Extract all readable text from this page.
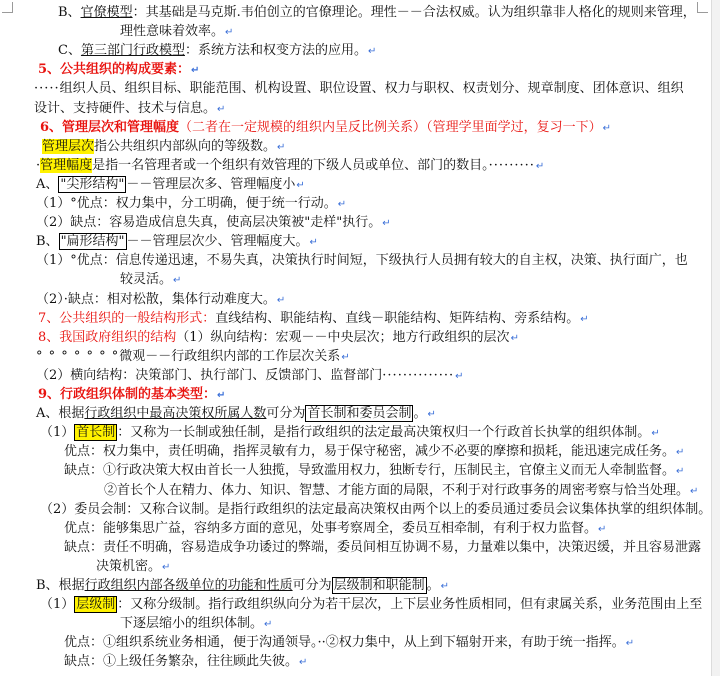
B、官僚模型：其基础是马克斯.韦伯创立的官僚理论。理性－－合法权威。认为组织靠非人格化的规则来管理，
理性意味着效率。↵
C、第三部门行政模型：系统方法和权变方法的应用。↵
5、公共组织的构成要素：↵
·····组织人员、组织目标、职能范围、机构设置、职位设置、权力与职权、权责划分、规章制度、团体意识、组织
设计、支持硬件、技术与信息。↵
6、管理层次和管理幅度（二者在一定规模的组织内呈反比例关系）（管理学里面学过，复习一下）↵
管理层次指公共组织内部纵向的等级数。↵
·管理幅度是指一名管理者或一个组织有效管理的下级人员或单位、部门的数目。·········↵
A、 "尖形结构" －－管理层次多、管理幅度小↵
（1）°优点：权力集中，分工明确，便于统一行动。↵
（2）缺点：容易造成信息失真，使高层决策被"走样"执行。↵
B、 "扁形结构" －－管理层次少、管理幅度大。↵
（1）°优点：信息传递迅速，不易失真，决策执行时间短，下级执行人员拥有较大的自主权，决策、执行面广，也
较灵活。↵
（2）·缺点：相对松散，集体行动难度大。↵
7、公共组织的一般结构形式：直线结构、职能结构、直线－职能结构、矩阵结构、旁系结构。↵
8、我国政府组织的结构（1）纵向结构：宏观－－中央层次；地方行政组织的层次↵
° ° ° ° ° ° °微观－－行政组织内部的工作层次关系↵
（2）横向结构：决策部门、执行部门、反馈部门、监督部门··············↵
9、行政组织体制的基本类型：↵
A、根据行政组织中最高决策权所属人数可分为 首长制和委员会制 。↵
（1） 首长制 ：又称为一长制或独任制，是指行政组织的法定最高决策权归一个行政首长执掌的组织体制。↵
优点：权力集中，责任明确，指挥灵敏有力，易于保守秘密，减少不必要的摩擦和损耗，能迅速完成任务。↵
缺点：①行政决策大权由首长一人独揽，导致滥用权力，独断专行，压制民主，官僚主义而无人牵制监督。↵
②首长个人在精力、体力、知识、智慧、才能方面的局限，不利于对行政事务的周密考察与恰当处理。↵
（2）委员会制：又称合议制。是指行政组织的法定最高决策权由两个以上的委员通过委员会议集体执掌的组织体制。
优点：能够集思广益，容纳多方面的意见，处事考察周全，委员互相牵制，有利于权力监督。↵
缺点：责任不明确，容易造成争功诿过的弊端，委员间相互协调不易，力量难以集中，决策迟缓，并且容易泄露
决策机密。↵
B、根据行政组织内部各级单位的功能和性质可分为 层级制和职能制 。↵
（1） 层级制 ：又称分级制。指行政组织纵向分为若干层次，上下层业务性质相同，但有隶属关系，业务范围由上至
下逐层缩小的组织体制。↵
优点：①组织系统业务相通，便于沟通领导。··②权力集中，从上到下辐射开来，有助于统一指挥。↵
缺点：①上级任务繁杂，往往顾此失彼。↵
